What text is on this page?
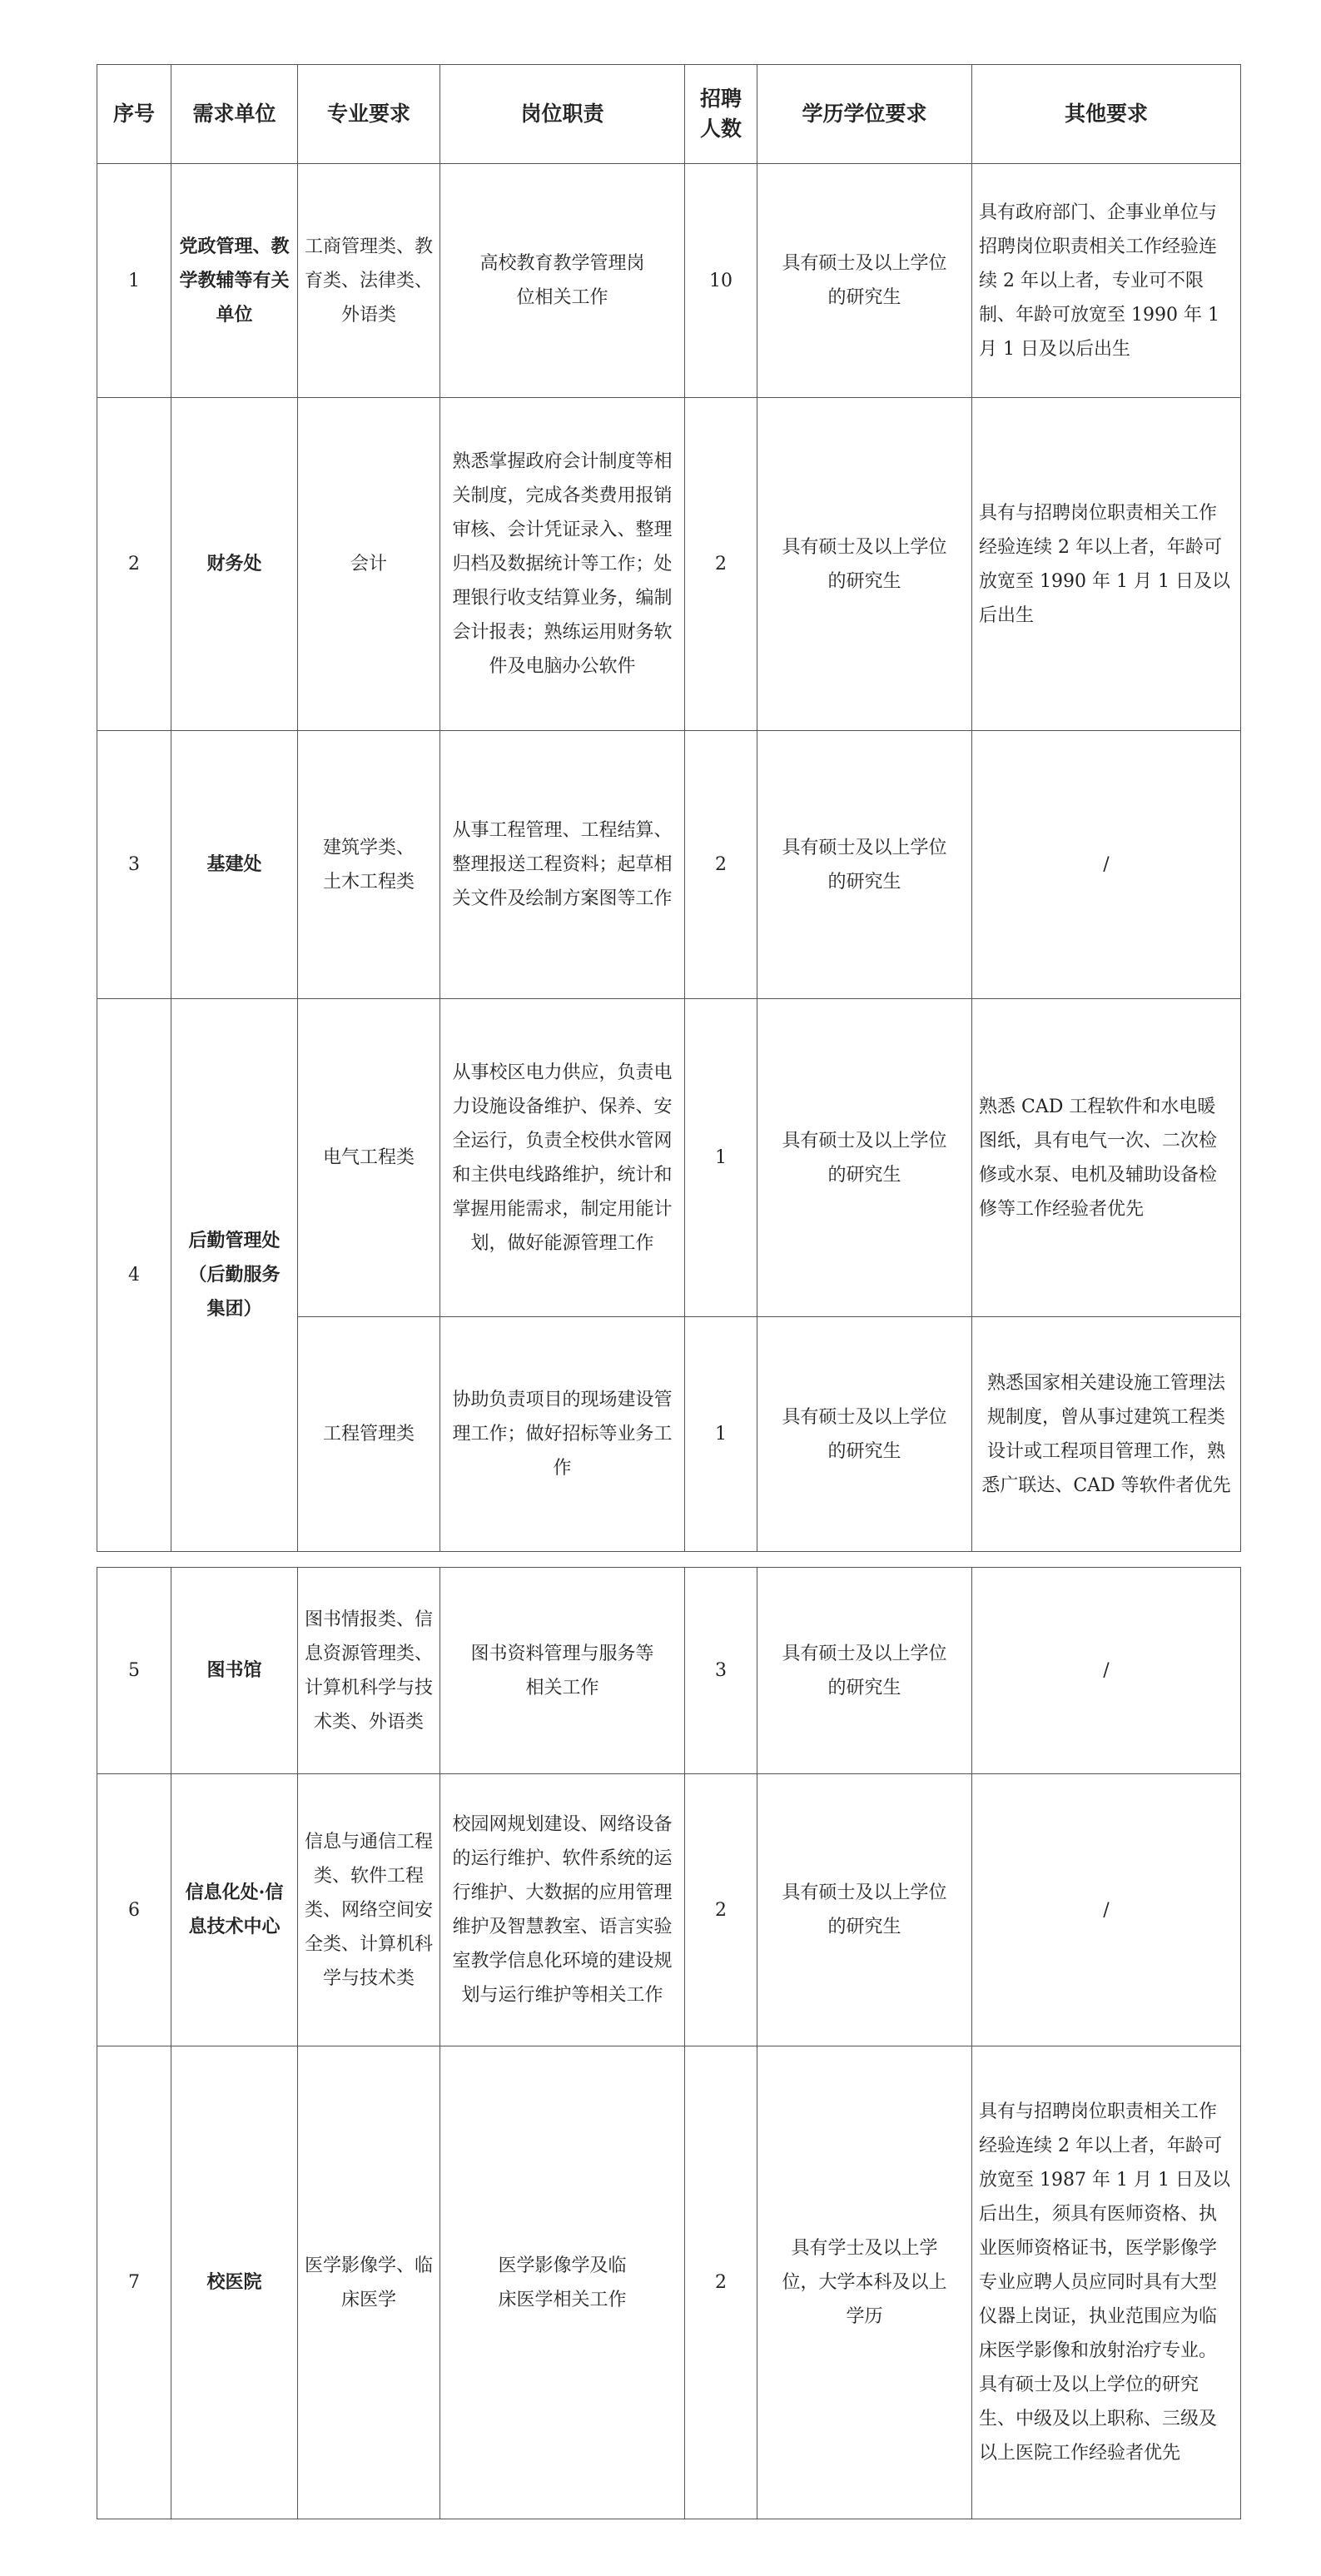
序号	需求单位	专业要求	岗位职责	招聘人数	学历学位要求	其他要求
1	党政管理、教学教辅等有关单位	工商管理类、教育类、法律类、外语类	高校教育教学管理岗位相关工作	10	具有硕士及以上学位的研究生	具有政府部门、企事业单位与招聘岗位职责相关工作经验连续 2 年以上者，专业可不限制、年龄可放宽至 1990 年 1 月 1 日及以后出生
2	财务处	会计	熟悉掌握政府会计制度等相关制度，完成各类费用报销审核、会计凭证录入、整理归档及数据统计等工作；处理银行收支结算业务，编制会计报表；熟练运用财务软件及电脑办公软件	2	具有硕士及以上学位的研究生	具有与招聘岗位职责相关工作经验连续 2 年以上者，年龄可放宽至 1990 年 1 月 1 日及以后出生
3	基建处	建筑学类、土木工程类	从事工程管理、工程结算、整理报送工程资料；起草相关文件及绘制方案图等工作	2	具有硕士及以上学位的研究生	/
4	后勤管理处（后勤服务集团）	电气工程类	从事校区电力供应，负责电力设施设备维护、保养、安全运行，负责全校供水管网和主供电线路维护，统计和掌握用能需求，制定用能计划，做好能源管理工作	1	具有硕士及以上学位的研究生	熟悉 CAD 工程软件和水电暖图纸，具有电气一次、二次检修或水泵、电机及辅助设备检修等工作经验者优先
		工程管理类	协助负责项目的现场建设管理工作；做好招标等业务工作	1	具有硕士及以上学位的研究生	熟悉国家相关建设施工管理法规制度，曾从事过建筑工程类设计或工程项目管理工作，熟悉广联达、CAD 等软件者优先
5	图书馆	图书情报类、信息资源管理类、计算机科学与技术类、外语类	图书资料管理与服务等相关工作	3	具有硕士及以上学位的研究生	/
6	信息化处·信息技术中心	信息与通信工程类、软件工程类、网络空间安全类、计算机科学与技术类	校园网规划建设、网络设备的运行维护、软件系统的运行维护、大数据的应用管理维护及智慧教室、语言实验室教学信息化环境的建设规划与运行维护等相关工作	2	具有硕士及以上学位的研究生	/
7	校医院	医学影像学、临床医学	医学影像学及临床医学相关工作	2	具有学士及以上学位，大学本科及以上学历	具有与招聘岗位职责相关工作经验连续 2 年以上者，年龄可放宽至 1987 年 1 月 1 日及以后出生，须具有医师资格、执业医师资格证书，医学影像学专业应聘人员应同时具有大型仪器上岗证，执业范围应为临床医学影像和放射治疗专业。具有硕士及以上学位的研究生、中级及以上职称、三级及以上医院工作经验者优先
